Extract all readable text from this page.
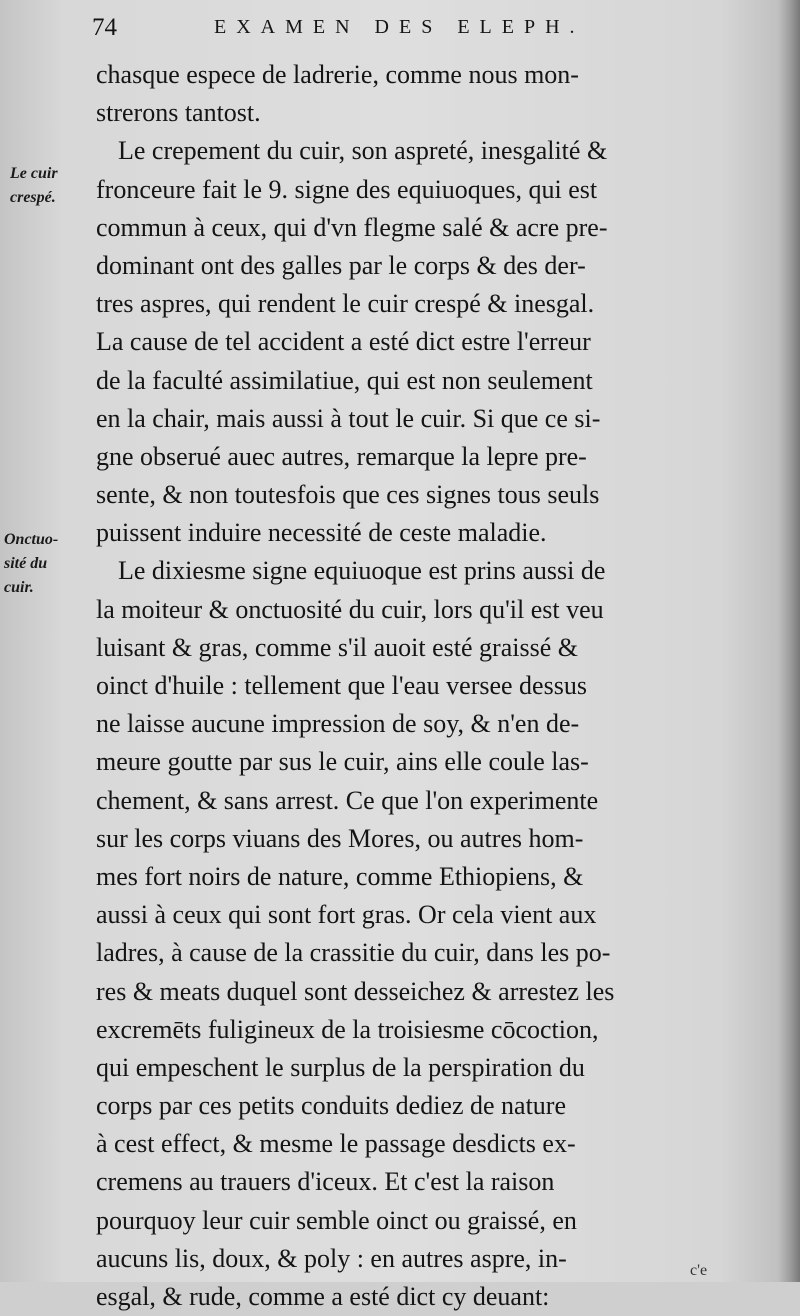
74	EXAMEN DES ELEPH.
Le cuir
crespé.
Onctuo-
sité du
cuir.
chasque espece de ladrerie, comme nous mon-
strerons tantost.
Le crepement du cuir, son aspreté, inesgalité &
fronceure fait le 9. signe des equiuoques, qui est
commun à ceux, qui d'vn flegme salé & acre pre-
dominant ont des galles par le corps & des der-
tres aspres, qui rendent le cuir crespé & inesgal.
La cause de tel accident a esté dict estre l'erreur
de la faculté assimilatiue, qui est non seulement
en la chair, mais aussi à tout le cuir. Si que ce si-
gne obserué auec autres, remarque la lepre pre-
sente, & non toutesfois que ces signes tous seuls
puissent induire necessité de ceste maladie.
Le dixiesme signe equiuoque est prins aussi de
la moiteur & onctuosité du cuir, lors qu'il est veu
luisant & gras, comme s'il auoit esté graissé &
oinct d'huile : tellement que l'eau versee dessus
ne laisse aucune impression de soy, & n'en de-
meure goutte par sus le cuir, ains elle coule las-
chement, & sans arrest. Ce que l'on experimente
sur les corps viuans des Mores, ou autres hom-
mes fort noirs de nature, comme Ethiopiens, &
aussi à ceux qui sont fort gras. Or cela vient aux
ladres, à cause de la crassitie du cuir, dans les po-
res & meats duquel sont desseichez & arrestez les
excremēts fuligineux de la troisiesme cōcoction,
qui empeschent le surplus de la perspiration du
corps par ces petits conduits dediez de nature
à cest effect, & mesme le passage desdicts ex-
cremens au trauers d'iceux. Et c'est la raison
pourquoy leur cuir semble oinct ou graissé, en
aucuns lis, doux, & poly : en autres aspre, in-
esgal, & rude, comme a esté dict cy deuant:
c'e
